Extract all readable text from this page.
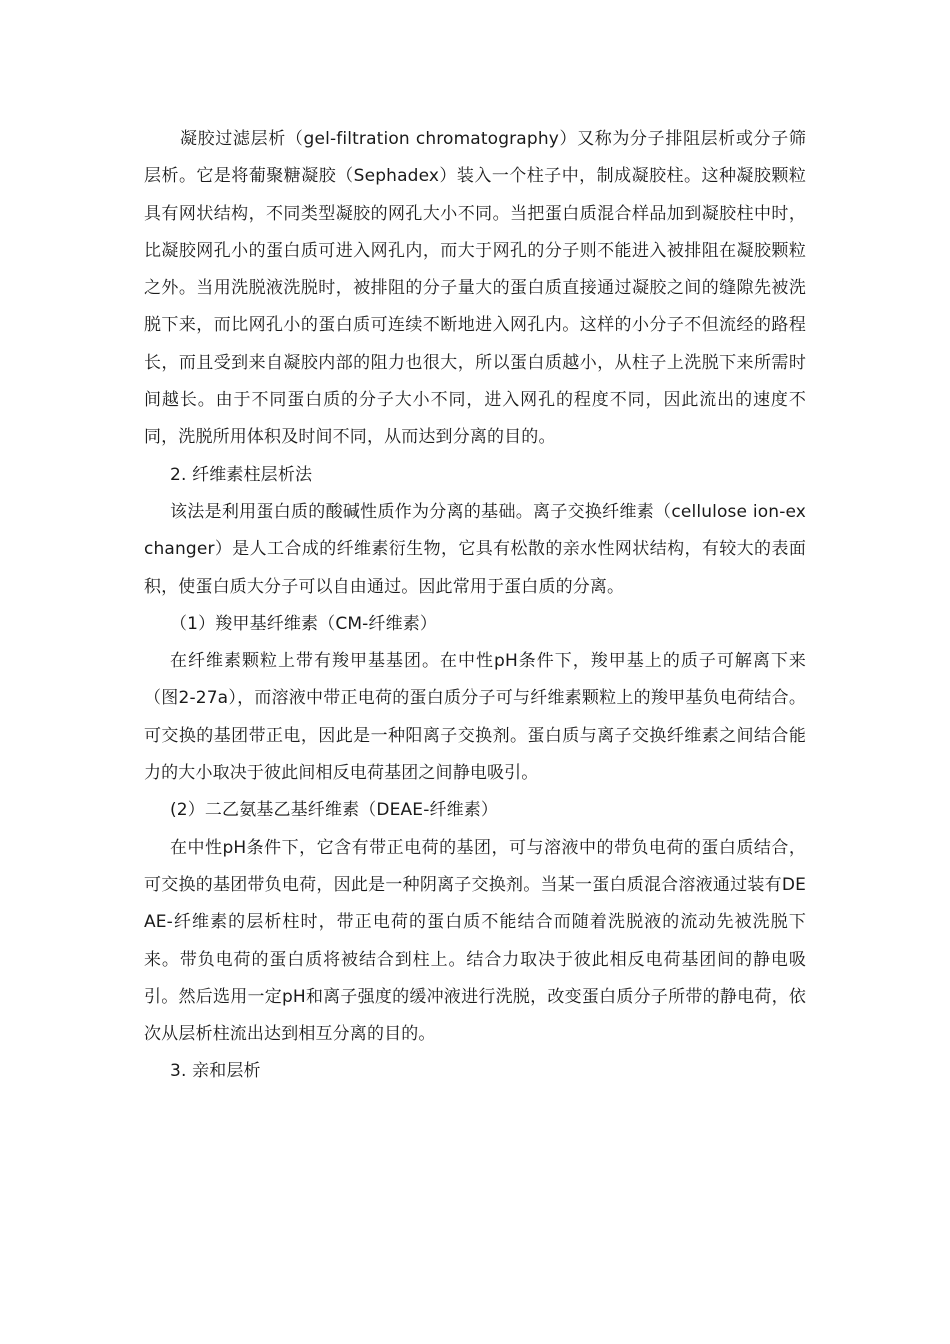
凝胶过滤层析（gel-filtration chromatography）又称为分子排阻层析或分子筛层析。它是将葡聚糖凝胶（Sephadex）装入一个柱子中，制成凝胶柱。这种凝胶颗粒具有网状结构，不同类型凝胶的网孔大小不同。当把蛋白质混合样品加到凝胶柱中时，比凝胶网孔小的蛋白质可进入网孔内，而大于网孔的分子则不能进入被排阻在凝胶颗粒之外。当用洗脱液洗脱时，被排阻的分子量大的蛋白质直接通过凝胶之间的缝隙先被洗脱下来，而比网孔小的蛋白质可连续不断地进入网孔内。这样的小分子不但流经的路程长，而且受到来自凝胶内部的阻力也很大，所以蛋白质越小，从柱子上洗脱下来所需时间越长。由于不同蛋白质的分子大小不同，进入网孔的程度不同，因此流出的速度不同，洗脱所用体积及时间不同，从而达到分离的目的。

2. 纤维素柱层析法

该法是利用蛋白质的酸碱性质作为分离的基础。离子交换纤维素（cellulose ion-exchanger）是人工合成的纤维素衍生物，它具有松散的亲水性网状结构，有较大的表面积，使蛋白质大分子可以自由通过。因此常用于蛋白质的分离。

（1）羧甲基纤维素（CM-纤维素）

在纤维素颗粒上带有羧甲基基团。在中性pH条件下，羧甲基上的质子可解离下来（图2-27a），而溶液中带正电荷的蛋白质分子可与纤维素颗粒上的羧甲基负电荷结合。可交换的基团带正电，因此是一种阳离子交换剂。蛋白质与离子交换纤维素之间结合能力的大小取决于彼此间相反电荷基团之间静电吸引。

(2）二乙氨基乙基纤维素（DEAE-纤维素）

在中性pH条件下，它含有带正电荷的基团，可与溶液中的带负电荷的蛋白质结合，可交换的基团带负电荷，因此是一种阴离子交换剂。当某一蛋白质混合溶液通过装有DEAE-纤维素的层析柱时，带正电荷的蛋白质不能结合而随着洗脱液的流动先被洗脱下来。带负电荷的蛋白质将被结合到柱上。结合力取决于彼此相反电荷基团间的静电吸引。然后选用一定pH和离子强度的缓冲液进行洗脱，改变蛋白质分子所带的静电荷，依次从层析柱流出达到相互分离的目的。

3. 亲和层析
